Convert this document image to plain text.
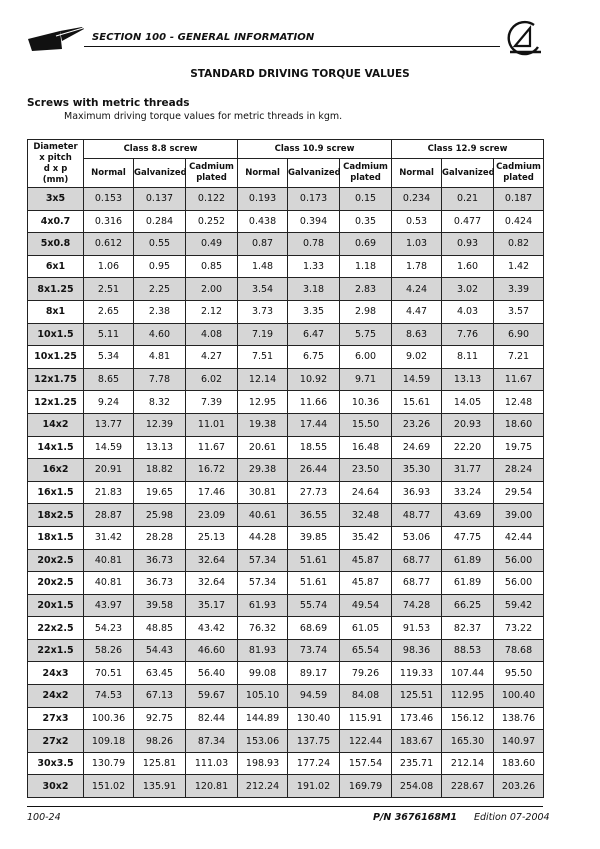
SECTION 100 - GENERAL INFORMATION
STANDARD DRIVING TORQUE VALUES
Screws with metric threads
Maximum driving torque values for metric threads in kgm.
Diameter
x pitch
d x p
(mm)	Class 8.8 screw			Class 10.9 screw			Class 12.9 screw		
	Normal	Galvanized	Cadmium
plated	Normal	Galvanized	Cadmium
plated	Normal	Galvanized	Cadmium
plated
3x5	0.153	0.137	0.122	0.193	0.173	0.15	0.234	0.21	0.187
4x0.7	0.316	0.284	0.252	0.438	0.394	0.35	0.53	0.477	0.424
5x0.8	0.612	0.55	0.49	0.87	0.78	0.69	1.03	0.93	0.82
6x1	1.06	0.95	0.85	1.48	1.33	1.18	1.78	1.60	1.42
8x1.25	2.51	2.25	2.00	3.54	3.18	2.83	4.24	3.02	3.39
8x1	2.65	2.38	2.12	3.73	3.35	2.98	4.47	4.03	3.57
10x1.5	5.11	4.60	4.08	7.19	6.47	5.75	8.63	7.76	6.90
10x1.25	5.34	4.81	4.27	7.51	6.75	6.00	9.02	8.11	7.21
12x1.75	8.65	7.78	6.02	12.14	10.92	9.71	14.59	13.13	11.67
12x1.25	9.24	8.32	7.39	12.95	11.66	10.36	15.61	14.05	12.48
14x2	13.77	12.39	11.01	19.38	17.44	15.50	23.26	20.93	18.60
14x1.5	14.59	13.13	11.67	20.61	18.55	16.48	24.69	22.20	19.75
16x2	20.91	18.82	16.72	29.38	26.44	23.50	35.30	31.77	28.24
16x1.5	21.83	19.65	17.46	30.81	27.73	24.64	36.93	33.24	29.54
18x2.5	28.87	25.98	23.09	40.61	36.55	32.48	48.77	43.69	39.00
18x1.5	31.42	28.28	25.13	44.28	39.85	35.42	53.06	47.75	42.44
20x2.5	40.81	36.73	32.64	57.34	51.61	45.87	68.77	61.89	56.00
20x2.5	40.81	36.73	32.64	57.34	51.61	45.87	68.77	61.89	56.00
20x1.5	43.97	39.58	35.17	61.93	55.74	49.54	74.28	66.25	59.42
22x2.5	54.23	48.85	43.42	76.32	68.69	61.05	91.53	82.37	73.22
22x1.5	58.26	54.43	46.60	81.93	73.74	65.54	98.36	88.53	78.68
24x3	70.51	63.45	56.40	99.08	89.17	79.26	119.33	107.44	95.50
24x2	74.53	67.13	59.67	105.10	94.59	84.08	125.51	112.95	100.40
27x3	100.36	92.75	82.44	144.89	130.40	115.91	173.46	156.12	138.76
27x2	109.18	98.26	87.34	153.06	137.75	122.44	183.67	165.30	140.97
30x3.5	130.79	125.81	111.03	198.93	177.24	157.54	235.71	212.14	183.60
30x2	151.02	135.91	120.81	212.24	191.02	169.79	254.08	228.67	203.26
100-24	P/N 3676168M1 Edition 07-2004
